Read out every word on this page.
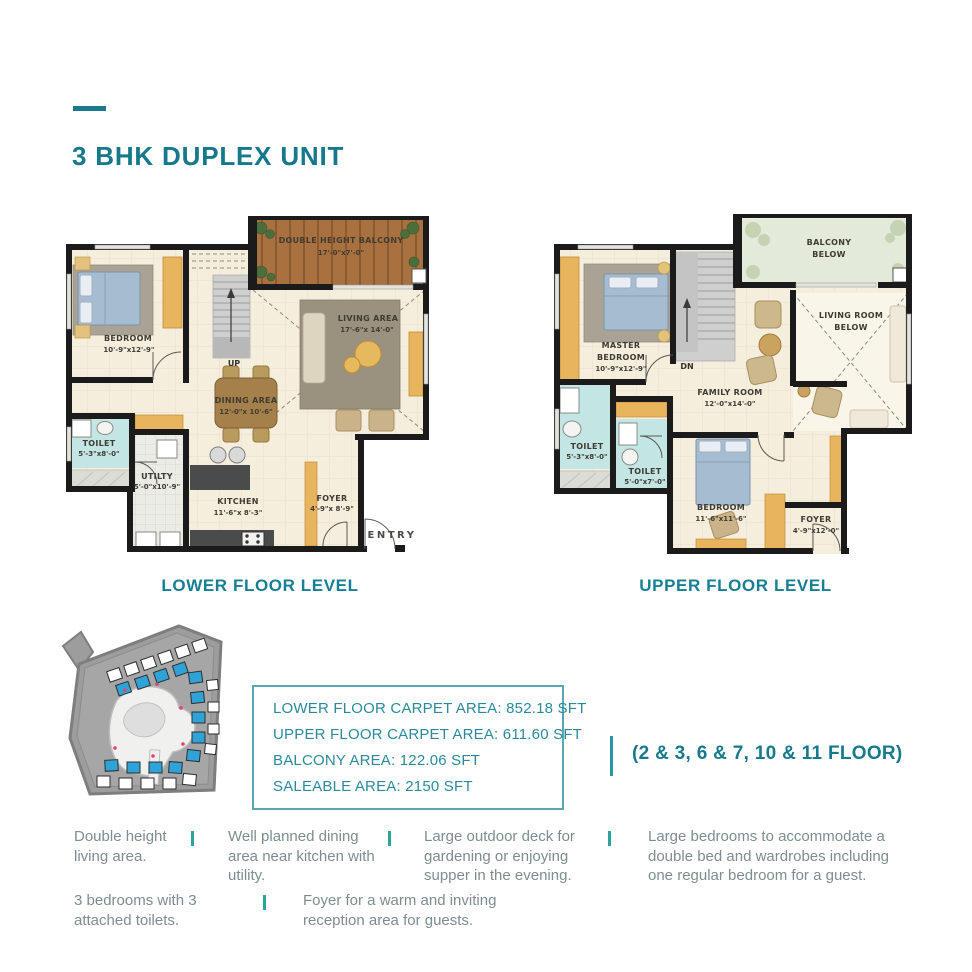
3 BHK DUPLEX UNIT
DOUBLE HEIGHT BALCONY
17'-0"x7'-0"
BEDROOM
10'-9"x12'-9"
LIVING AREA
17'-6"x 14'-0"
DINING AREA
12'-0"x 10'-6"
TOILET
5'-3"x8'-0"
UTILTY
5'-0"x10'-9"
KITCHEN
11'-6"x 8'-3"
FOYER
4'-9"x 8'-9"
UP
ENTRY
LOWER FLOOR LEVEL
BALCONY
BELOW
MASTER
BEDROOM
10'-9"x12'-9"
LIVING ROOM
BELOW
FAMILY ROOM
12'-0"x14'-0"
TOILET
5'-3"x8'-0"
TOILET
5'-0"x7'-0"
BEDROOM
11'-6"x11'-6"	FOYER
4'-9"x12'-0"
DN
UPPER FLOOR LEVEL
LOWER FLOOR CARPET AREA: 852.18 SFT
UPPER FLOOR CARPET AREA: 611.60 SFT
BALCONY AREA: 122.06 SFT
SALEABLE AREA: 2150 SFT
(2 & 3, 6 & 7, 10 & 11 FLOOR)
Double height living area.
Well planned dining area near kitchen with utility.
Large outdoor deck for gardening or enjoying supper in the evening.
Large bedrooms to accommodate a double bed and wardrobes including one regular bedroom for a guest.
3 bedrooms with 3 attached toilets.
Foyer for a warm and inviting reception area for guests.
